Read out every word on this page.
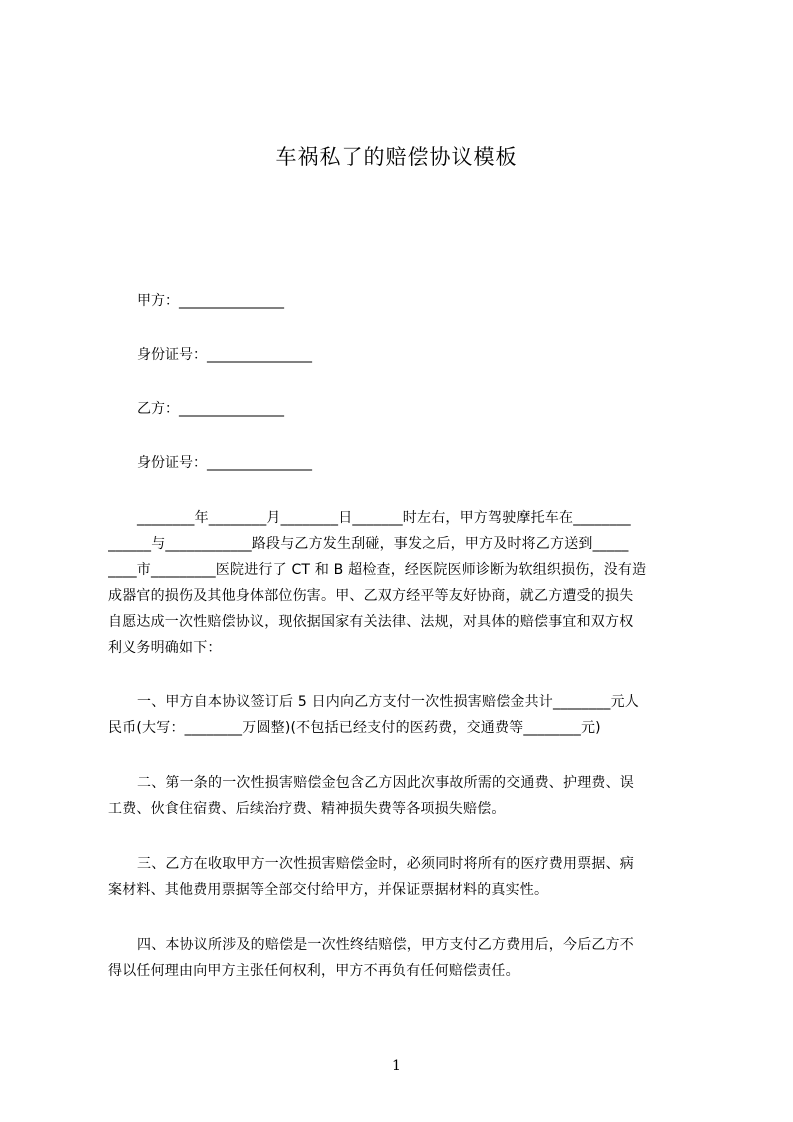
车祸私了的赔偿协议模板
甲方：_______________
身份证号：_______________
乙方：_______________
身份证号：_______________
________年________月________日_______时左右，甲方驾驶摩托车在________
______与____________路段与乙方发生刮碰，事发之后，甲方及时将乙方送到_____
____市_________医院进行了 CT 和 B 超检查，经医院医师诊断为软组织损伤，没有造
成器官的损伤及其他身体部位伤害。甲、乙双方经平等友好协商，就乙方遭受的损失
自愿达成一次性赔偿协议，现依据国家有关法律、法规，对具体的赔偿事宜和双方权
利义务明确如下：
一、甲方自本协议签订后 5 日内向乙方支付一次性损害赔偿金共计________元人
民币(大写：________万圆整)(不包括已经支付的医药费，交通费等________元)
二、第一条的一次性损害赔偿金包含乙方因此次事故所需的交通费、护理费、误
工费、伙食住宿费、后续治疗费、精神损失费等各项损失赔偿。
三、乙方在收取甲方一次性损害赔偿金时，必须同时将所有的医疗费用票据、病
案材料、其他费用票据等全部交付给甲方，并保证票据材料的真实性。
四、本协议所涉及的赔偿是一次性终结赔偿，甲方支付乙方费用后，今后乙方不
得以任何理由向甲方主张任何权利，甲方不再负有任何赔偿责任。
1
